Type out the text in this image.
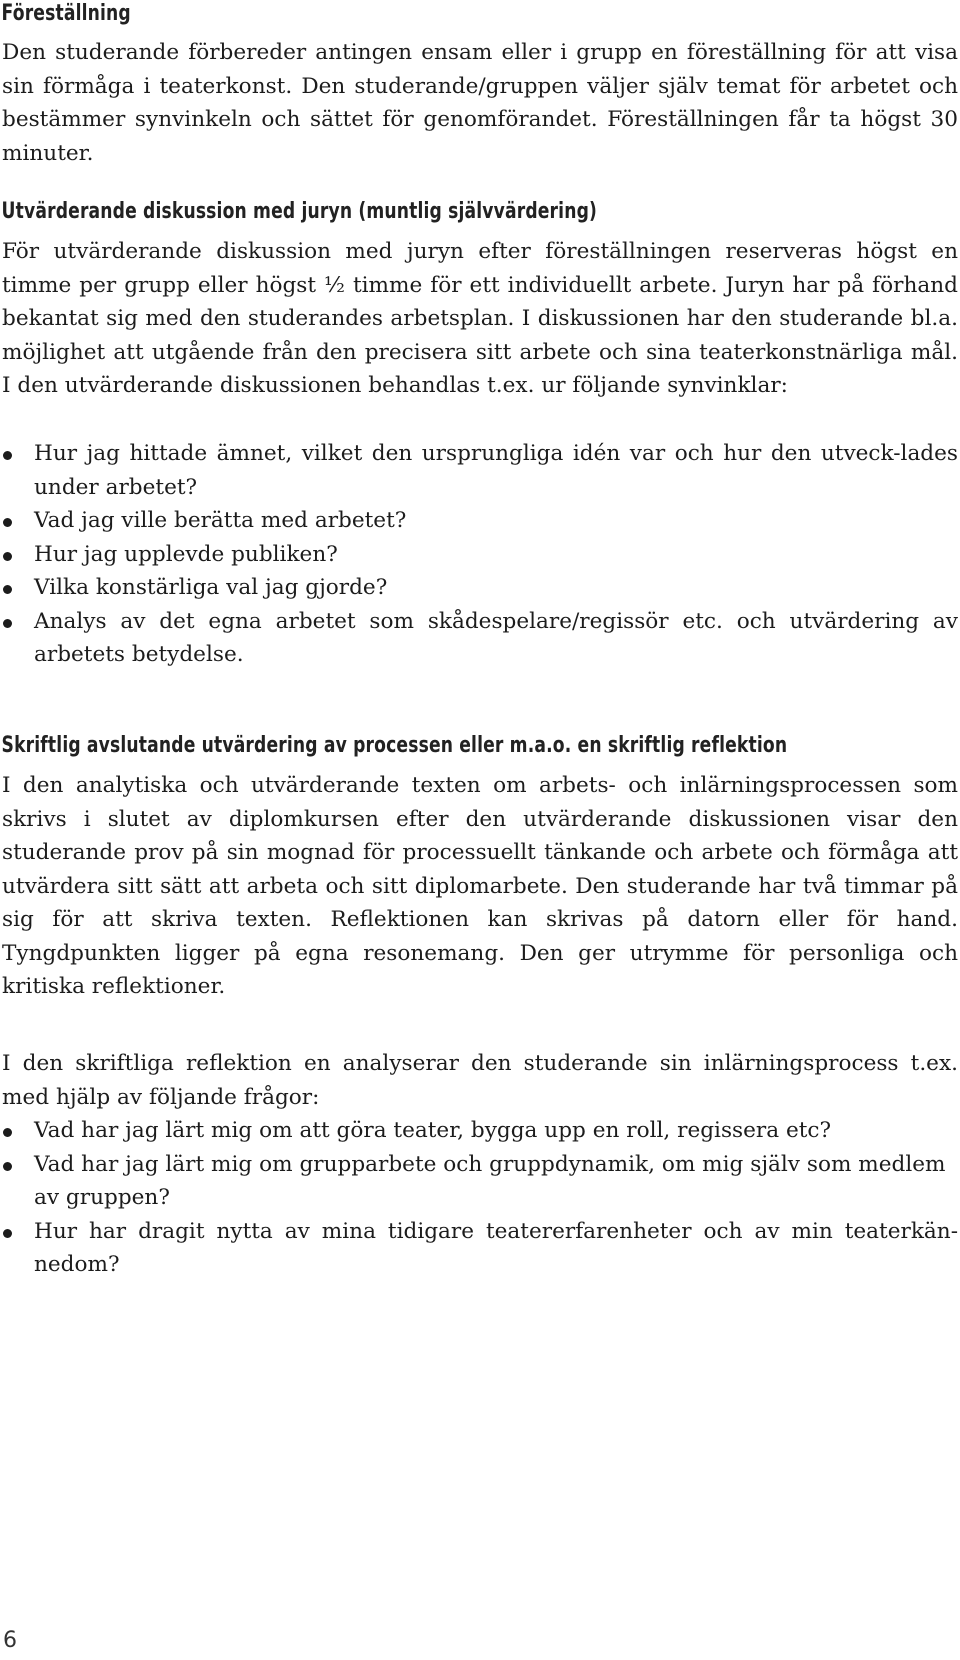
Föreställning

Den studerande förbereder antingen ensam eller i grupp en föreställning för att visa sin förmåga i teaterkonst. Den studerande/gruppen väljer själv temat för arbetet och bestämmer synvinkeln och sättet för genomförandet. Föreställningen får ta högst 30 minuter.

Utvärderande diskussion med juryn (muntlig självvärdering)

För utvärderande diskussion med juryn efter föreställningen reserveras högst en timme per grupp eller högst ½ timme för ett individuellt arbete. Juryn har på förhand bekantat sig med den studerandes arbetsplan. I diskussionen har den studerande bl.a. möjlighet att utgående från den precisera sitt arbete och sina teaterkonstnärliga mål. I den utvärderande diskussionen behandlas t.ex. ur följande synvinklar:

Hur jag hittade ämnet, vilket den ursprungliga idén var och hur den utveck-lades under arbetet?
Vad jag ville berätta med arbetet?
Hur jag upplevde publiken?
Vilka konstärliga val jag gjorde?
Analys av det egna arbetet som skådespelare/regissör etc. och utvärdering av arbetets betydelse.
Skriftlig avslutande utvärdering av processen eller m.a.o. en skriftlig reflektion

I den analytiska och utvärderande texten om arbets- och inlärningsprocessen som skrivs i slutet av diplomkursen efter den utvärderande diskussionen visar den studerande prov på sin mognad för processuellt tänkande och arbete och förmåga att utvärdera sitt sätt att arbeta och sitt diplomarbete. Den studerande har två timmar på sig för att skriva texten. Reflektionen kan skrivas på datorn eller för hand. Tyngdpunkten ligger på egna resonemang. Den ger utrymme för personliga och kritiska reflektioner.

I den skriftliga reflektion en analyserar den studerande sin inlärningsprocess t.ex. med hjälp av följande frågor:

Vad har jag lärt mig om att göra teater, bygga upp en roll, regissera etc?
Vad har jag lärt mig om grupparbete och gruppdynamik, om mig själv som medlem av gruppen?
Hur har dragit nytta av mina tidigare teatererfarenheter och av min teaterkän-nedom?
6
